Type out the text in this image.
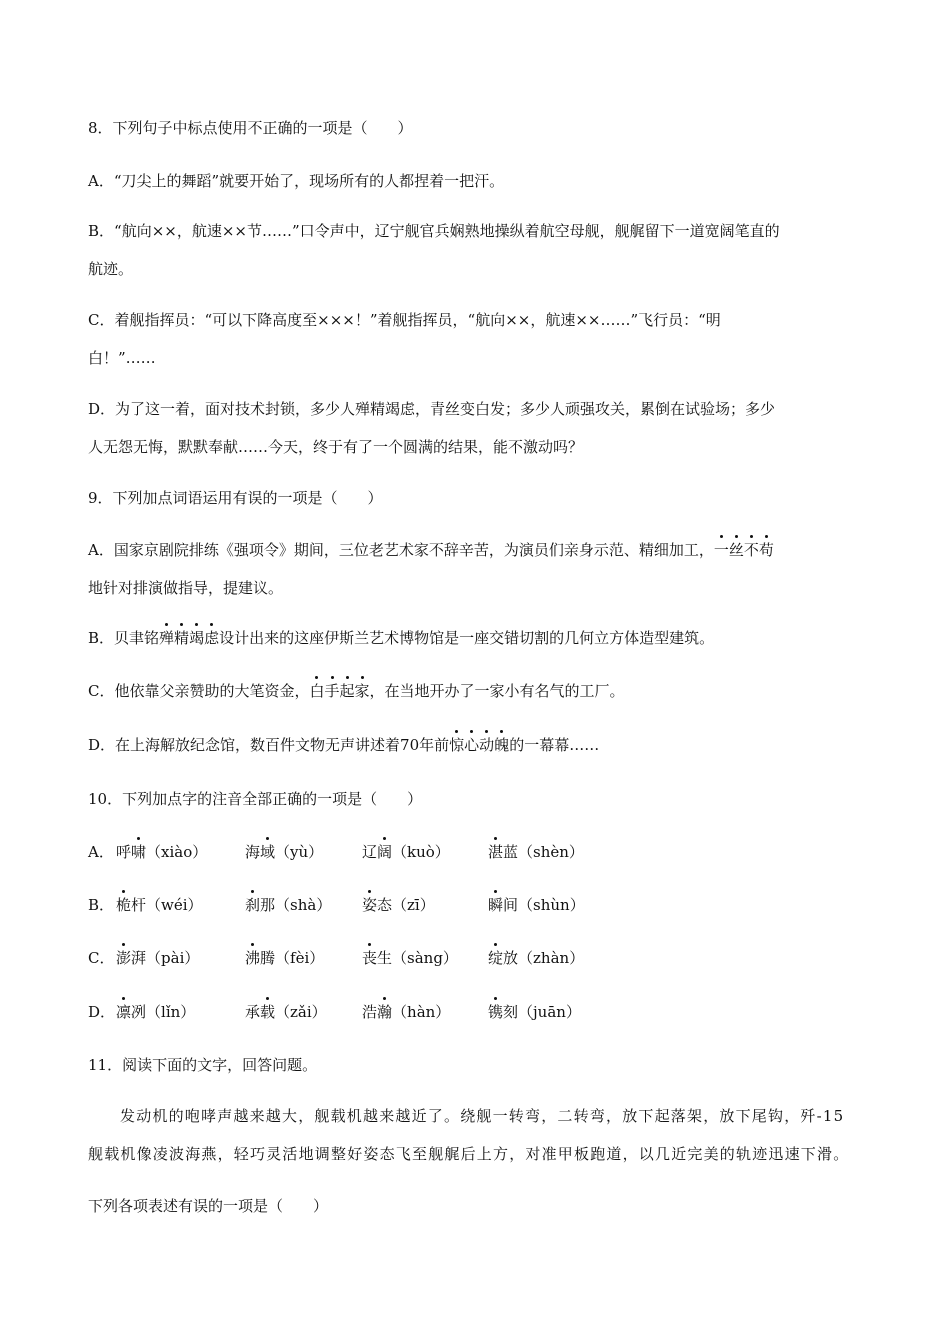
8．下列句子中标点使用不正确的一项是（　　）
A．“刀尖上的舞蹈”就要开始了，现场所有的人都捏着一把汗。
B．“航向××，航速××节……”口令声中，辽宁舰官兵娴熟地操纵着航空母舰，舰艉留下一道宽阔笔直的
航迹。
C．着舰指挥员：“可以下降高度至×××！”着舰指挥员，“航向××，航速××……”飞行员：“明
白！”……
D．为了这一着，面对技术封锁，多少人殚精竭虑，青丝变白发；多少人顽强攻关，累倒在试验场；多少
人无怨无悔，默默奉献……今天，终于有了一个圆满的结果，能不激动吗？
9．下列加点词语运用有误的一项是（　　）
A．国家京剧院排练《强项令》期间，三位老艺术家不辞辛苦，为演员们亲身示范、精细加工，一丝不苟
地针对排演做指导，提建议。
B．贝聿铭殚精竭虑设计出来的这座伊斯兰艺术博物馆是一座交错切割的几何立方体造型建筑。
C．他依靠父亲赞助的大笔资金，白手起家，在当地开办了一家小有名气的工厂。
D．在上海解放纪念馆，数百件文物无声讲述着70年前惊心动魄的一幕幕……
10．下列加点字的注音全部正确的一项是（　　）
A． 呼啸（xiào）	海域（yù）	辽阔（kuò）	湛蓝（shèn）
B． 桅杆（wéi）	刹那（shà） 姿态（zī）	瞬间（shùn）
C． 澎湃（pài）	沸腾（fèi）	丧生（sàng） 绽放（zhàn）
D． 凛冽（lǐn）	承载（zǎi） 浩瀚（hàn）	镌刻（juān）
11．阅读下面的文字，回答问题。
发动机的咆哮声越来越大，舰载机越来越近了。绕舰一转弯，二转弯，放下起落架，放下尾钩，歼-15
舰载机像凌波海燕，轻巧灵活地调整好姿态飞至舰艉后上方，对准甲板跑道，以几近完美的轨迹迅速下滑。
下列各项表述有误的一项是（　　）
